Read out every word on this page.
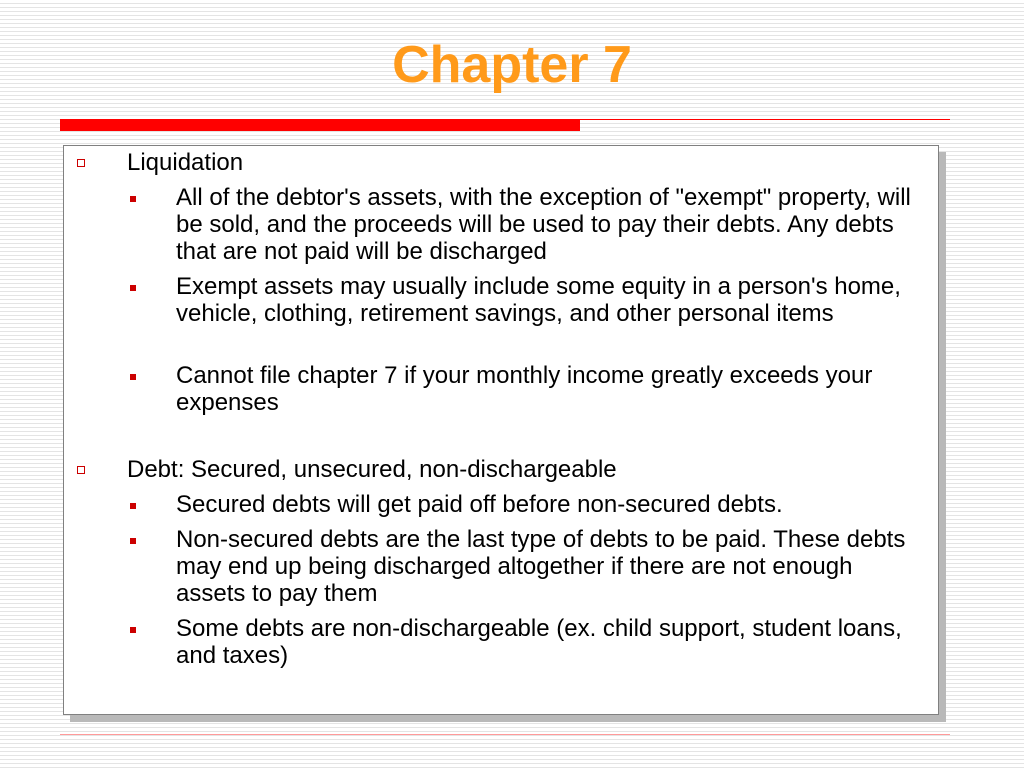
Chapter 7
Liquidation
All of the debtor's assets, with the exception of "exempt" property, will be sold, and the proceeds will be used to pay their debts. Any debts that are not paid will be discharged
Exempt assets may usually include some equity in a person's home, vehicle, clothing, retirement savings, and other personal items
Cannot file chapter 7 if your monthly income greatly exceeds your expenses
Debt: Secured, unsecured, non-dischargeable
Secured debts will get paid off before non-secured debts.
Non-secured debts are the last type of debts to be paid. These debts may end up being discharged altogether if there are not enough assets to pay them
Some debts are non-dischargeable (ex. child support, student loans, and taxes)
